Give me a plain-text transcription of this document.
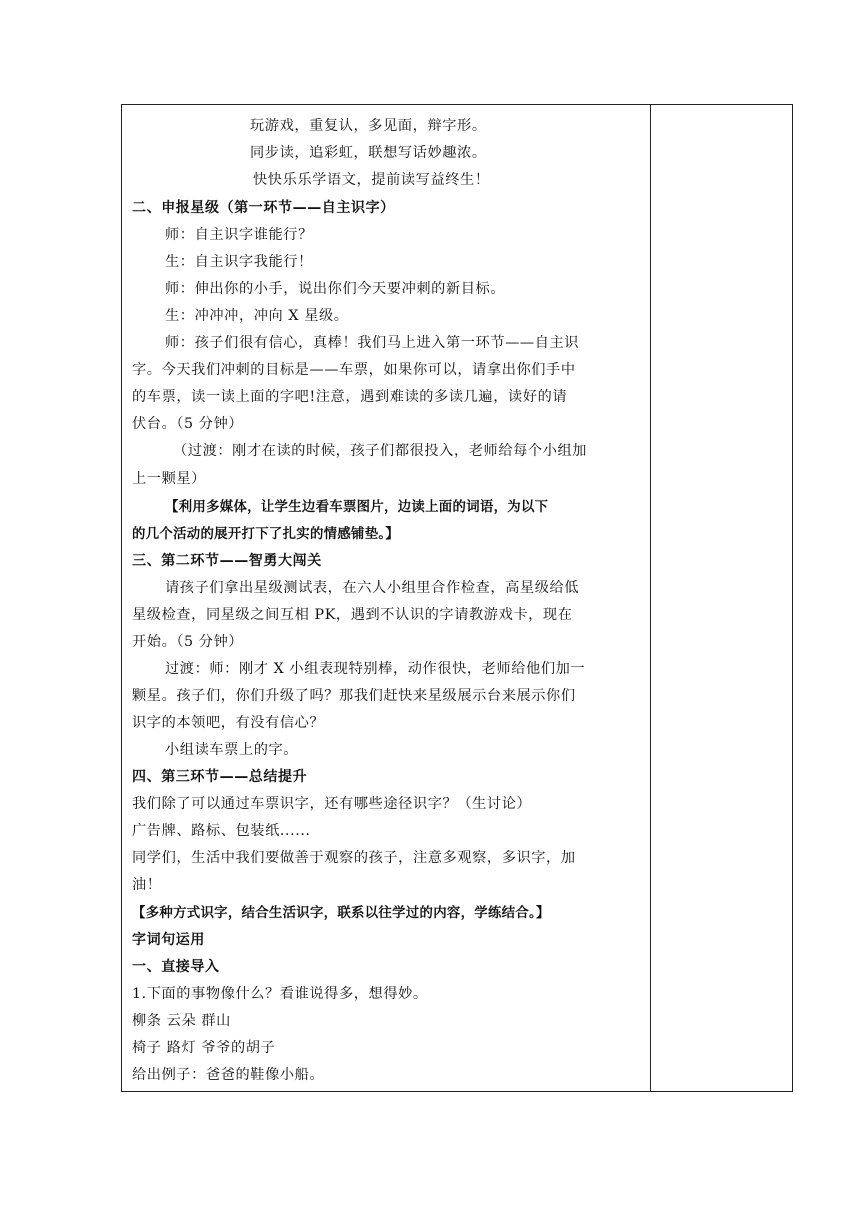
玩游戏，重复认，多见面，辩字形。
同步读，追彩虹，联想写话妙趣浓。
快快乐乐学语文，提前读写益终生！
二、申报星级（第一环节——自主识字）
师：自主识字谁能行？
生：自主识字我能行！
师：伸出你的小手，说出你们今天要冲刺的新目标。
生：冲冲冲，冲向 X 星级。
师：孩子们很有信心，真棒！我们马上进入第一环节——自主识
字。今天我们冲刺的目标是——车票，如果你可以，请拿出你们手中
的车票，读一读上面的字吧!注意，遇到难读的多读几遍，读好的请
伏台。（5 分钟）
（过渡：刚才在读的时候，孩子们都很投入，老师给每个小组加
上一颗星）
【利用多媒体，让学生边看车票图片，边读上面的词语，为以下
的几个活动的展开打下了扎实的情感铺垫。】
三、第二环节——智勇大闯关
请孩子们拿出星级测试表，在六人小组里合作检查，高星级给低
星级检查，同星级之间互相 PK，遇到不认识的字请教游戏卡，现在
开始。（5 分钟）
过渡：师：刚才 X 小组表现特别棒，动作很快，老师给他们加一
颗星。孩子们，你们升级了吗？那我们赶快来星级展示台来展示你们
识字的本领吧，有没有信心？
小组读车票上的字。
四、第三环节——总结提升
我们除了可以通过车票识字，还有哪些途径识字？（生讨论）
广告牌、路标、包装纸......
同学们，生活中我们要做善于观察的孩子，注意多观察，多识字，加
油！
【多种方式识字，结合生活识字，联系以往学过的内容，学练结合。】
字词句运用
一、直接导入
1.下面的事物像什么？看谁说得多，想得妙。
柳条 云朵 群山
椅子 路灯 爷爷的胡子
给出例子：爸爸的鞋像小船。
